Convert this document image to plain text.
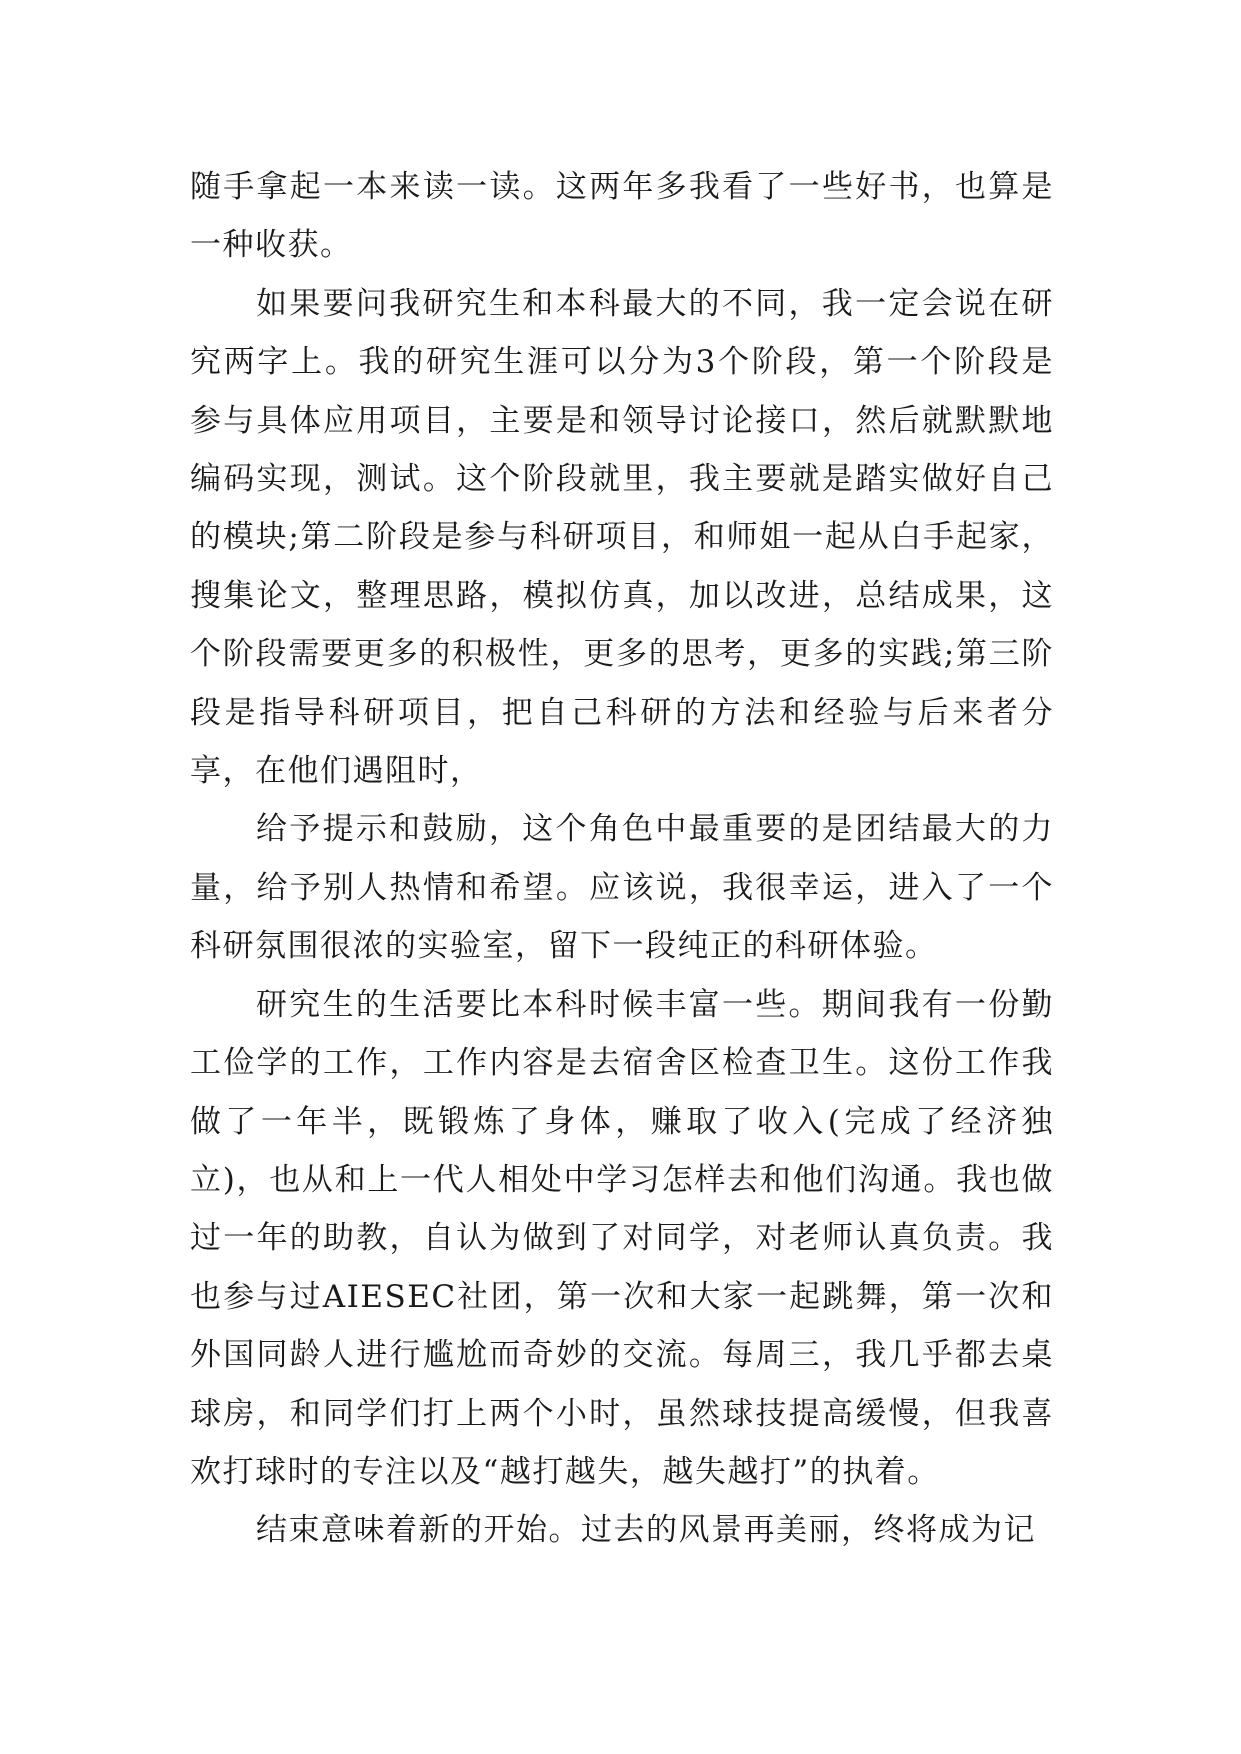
随手拿起一本来读一读。这两年多我看了一些好书，也算是一种收获。

如果要问我研究生和本科最大的不同，我一定会说在研究两字上。我的研究生涯可以分为3个阶段，第一个阶段是参与具体应用项目，主要是和领导讨论接口，然后就默默地编码实现，测试。这个阶段就里，我主要就是踏实做好自己的模块;第二阶段是参与科研项目，和师姐一起从白手起家，搜集论文，整理思路，模拟仿真，加以改进，总结成果，这个阶段需要更多的积极性，更多的思考，更多的实践;第三阶段是指导科研项目，把自己科研的方法和经验与后来者分享，在他们遇阻时，

给予提示和鼓励，这个角色中最重要的是团结最大的力量，给予别人热情和希望。应该说，我很幸运，进入了一个科研氛围很浓的实验室，留下一段纯正的科研体验。

研究生的生活要比本科时候丰富一些。期间我有一份勤工俭学的工作，工作内容是去宿舍区检查卫生。这份工作我做了一年半，既锻炼了身体，赚取了收入(完成了经济独立)，也从和上一代人相处中学习怎样去和他们沟通。我也做过一年的助教，自认为做到了对同学，对老师认真负责。我也参与过AIESEC社团，第一次和大家一起跳舞，第一次和外国同龄人进行尴尬而奇妙的交流。每周三，我几乎都去桌球房，和同学们打上两个小时，虽然球技提高缓慢，但我喜欢打球时的专注以及“越打越失，越失越打”的执着。

结束意味着新的开始。过去的风景再美丽，终将成为记
